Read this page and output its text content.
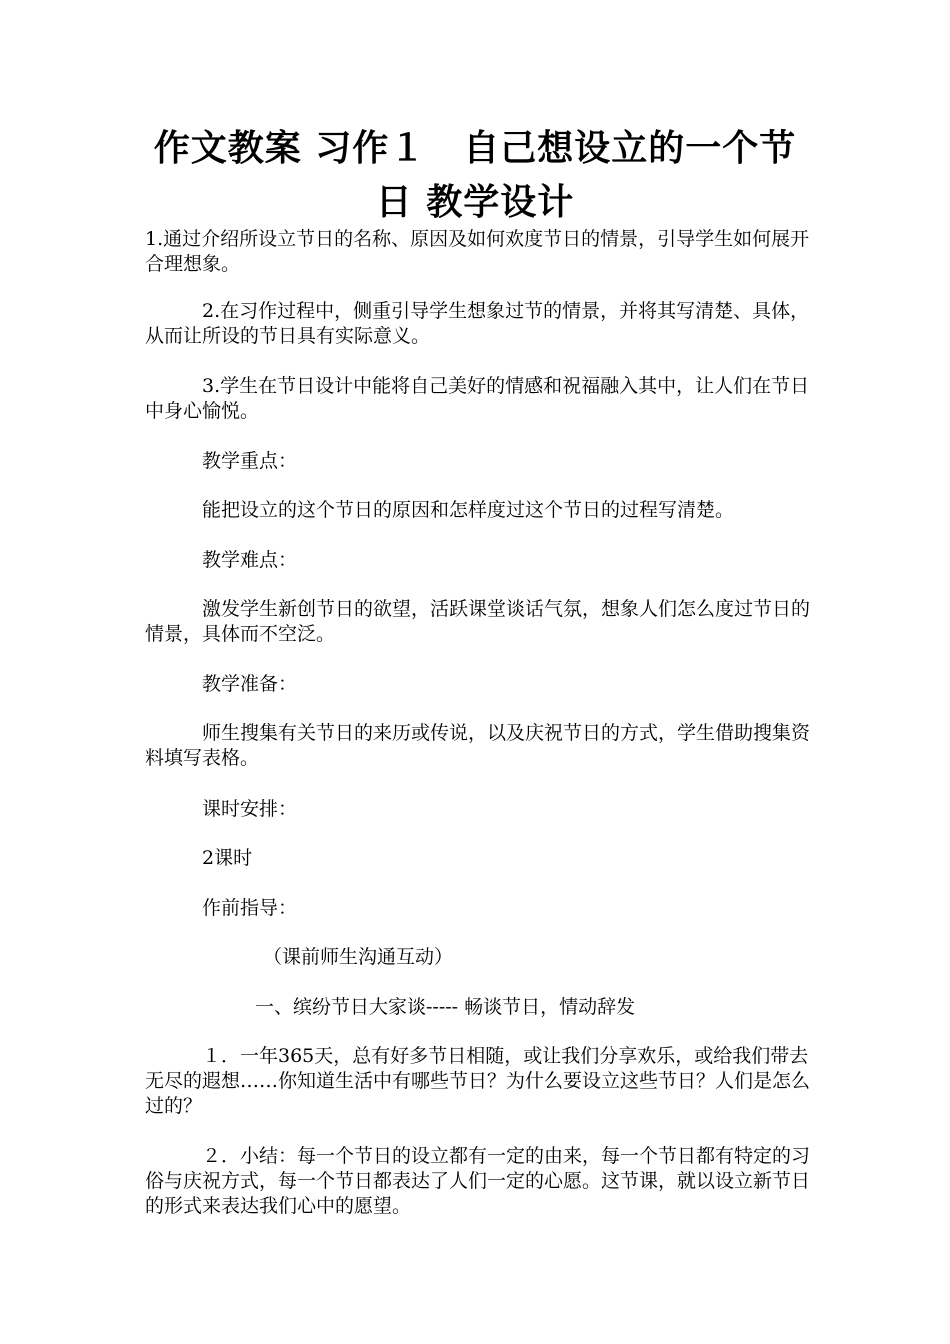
作文教案 习作１　自己想设立的一个节日 教学设计

1.通过介绍所设立节日的名称、原因及如何欢度节日的情景，引导学生如何展开合理想象。

2.在习作过程中，侧重引导学生想象过节的情景，并将其写清楚、具体，从而让所设的节日具有实际意义。

3.学生在节日设计中能将自己美好的情感和祝福融入其中，让人们在节日中身心愉悦。

教学重点：

能把设立的这个节日的原因和怎样度过这个节日的过程写清楚。

教学难点：

激发学生新创节日的欲望，活跃课堂谈话气氛，想象人们怎么度过节日的情景，具体而不空泛。

教学准备：

师生搜集有关节日的来历或传说，以及庆祝节日的方式，学生借助搜集资料填写表格。

课时安排：

2课时

作前指导：

（课前师生沟通互动）

一、缤纷节日大家谈----- 畅谈节日，情动辞发

１．一年365天，总有好多节日相随，或让我们分享欢乐，或给我们带去无尽的遐想……你知道生活中有哪些节日？为什么要设立这些节日？人们是怎么过的？

２．小结：每一个节日的设立都有一定的由来，每一个节日都有特定的习俗与庆祝方式，每一个节日都表达了人们一定的心愿。这节课，就以设立新节日的形式来表达我们心中的愿望。
